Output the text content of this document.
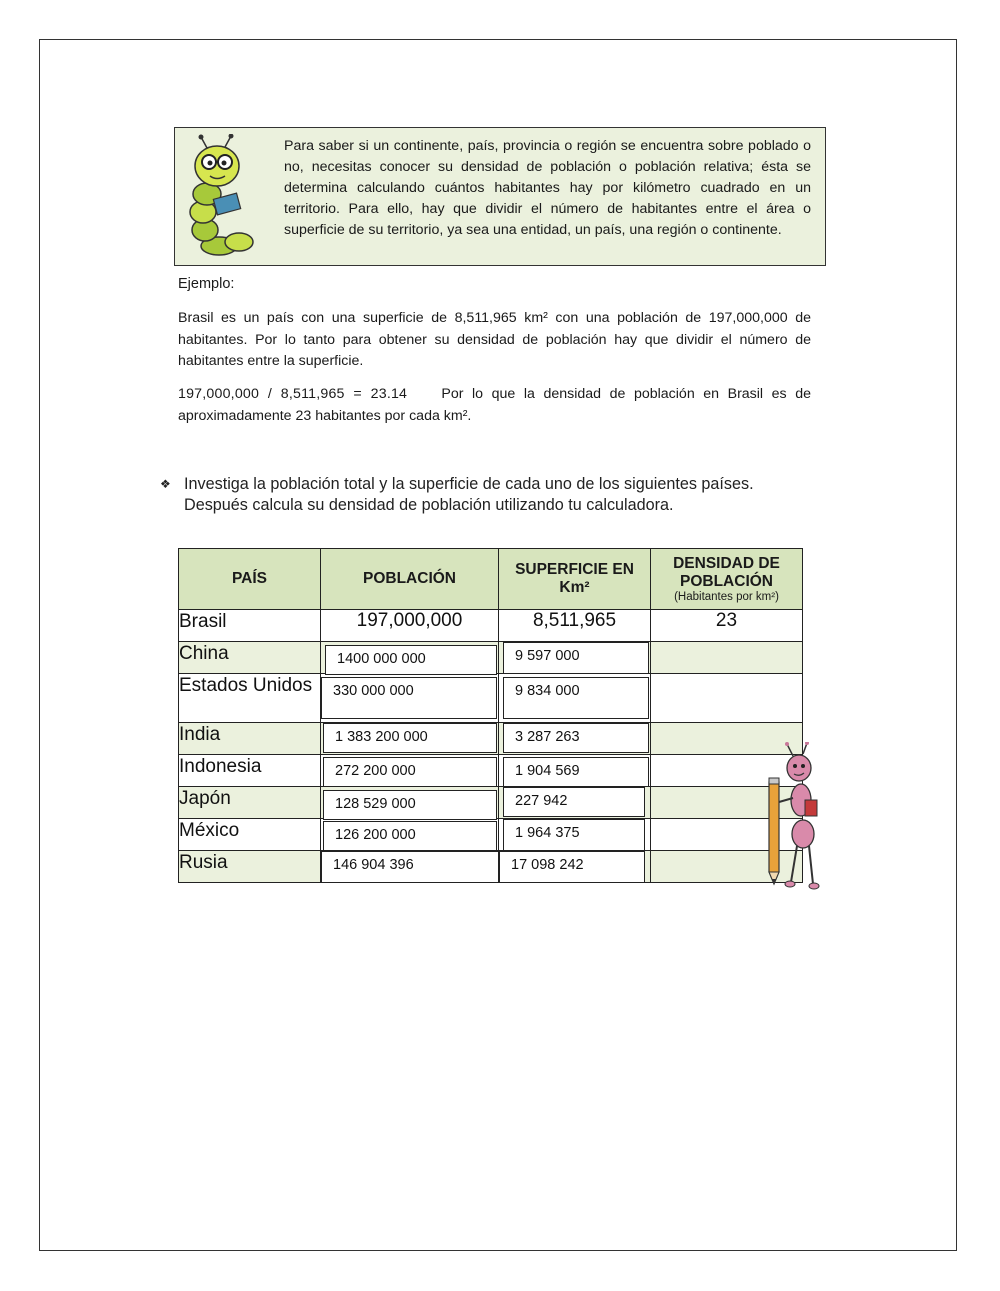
Para saber si un continente, país, provincia o región se encuentra sobre poblado o no, necesitas conocer su densidad de población o población relativa; ésta se determina calculando cuántos habitantes hay por kilómetro cuadrado en un territorio. Para ello, hay que dividir el número de habitantes entre el área o superficie de su territorio, ya sea una entidad, un país, una región o continente.
Ejemplo:
Brasil es un país con una superficie de 8,511,965 km² con una población de 197,000,000 de habitantes. Por lo tanto para obtener su densidad de población hay que dividir el número de habitantes entre la superficie.
197,000,000 / 8,511,965 = 23.14 Por lo que la densidad de población en Brasil es de aproximadamente 23 habitantes por cada km².
❖ Investiga la población total y la superficie de cada uno de los siguientes países. Después calcula su densidad de población utilizando tu calculadora.
PAÍS	POBLACIÓN	SUPERFICIE EN Km²	DENSIDAD DE POBLACIÓN
(Habitantes por km²)

Brasil	197,000,000	8,511,965	23
China	1400 000 000	9 597 000	

Estados Unidos	330 000 000	9 834 000	

India	1 383 200 000	3 287 263	

Indonesia	272 200 000	1 904 569	

Japón	128 529 000	227 942	

México	126 200 000	1 964 375	

Rusia	146 904 396	17 098 242	
